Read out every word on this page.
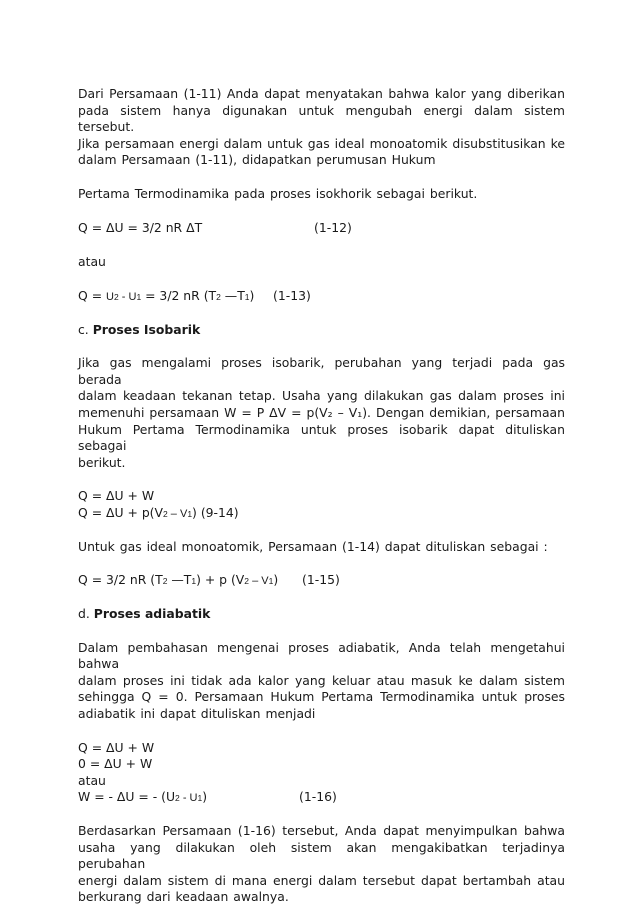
Dari Persamaan (1-11) Anda dapat menyatakan bahwa kalor yang diberikan
pada sistem hanya digunakan untuk mengubah energi dalam sistem tersebut.
Jika persamaan energi dalam untuk gas ideal monoatomik disubstitusikan ke
dalam Persamaan (1-11), didapatkan perumusan Hukum
Pertama Termodinamika pada proses isokhorik sebagai berikut.
Q = ΔU = 3/2 nR ΔT	(1-12)
atau
Q = U2 - U1 = 3/2 nR (T2 —T1) (1-13)
c. Proses Isobarik
Jika gas mengalami proses isobarik, perubahan yang terjadi pada gas berada
dalam keadaan tekanan tetap. Usaha yang dilakukan gas dalam proses ini
memenuhi persamaan W = P ΔV = p(V₂ – V₁). Dengan demikian, persamaan
Hukum Pertama Termodinamika untuk proses isobarik dapat dituliskan sebagai
berikut.
Q = ΔU + W
Q = ΔU + p(V2 – V1) (9-14)
Untuk gas ideal monoatomik, Persamaan (1-14) dapat dituliskan sebagai :
Q = 3/2 nR (T2 —T1) + p (V2 – V1) (1-15)
d. Proses adiabatik
Dalam pembahasan mengenai proses adiabatik, Anda telah mengetahui bahwa
dalam proses ini tidak ada kalor yang keluar atau masuk ke dalam sistem
sehingga Q = 0. Persamaan Hukum Pertama Termodinamika untuk proses
adiabatik ini dapat dituliskan menjadi
Q = ΔU + W
0 = ΔU + W
atau
W = - ΔU = - (U2 - U1)	(1-16)
Berdasarkan Persamaan (1-16) tersebut, Anda dapat menyimpulkan bahwa
usaha yang dilakukan oleh sistem akan mengakibatkan terjadinya perubahan
energi dalam sistem di mana energi dalam tersebut dapat bertambah atau
berkurang dari keadaan awalnya.
